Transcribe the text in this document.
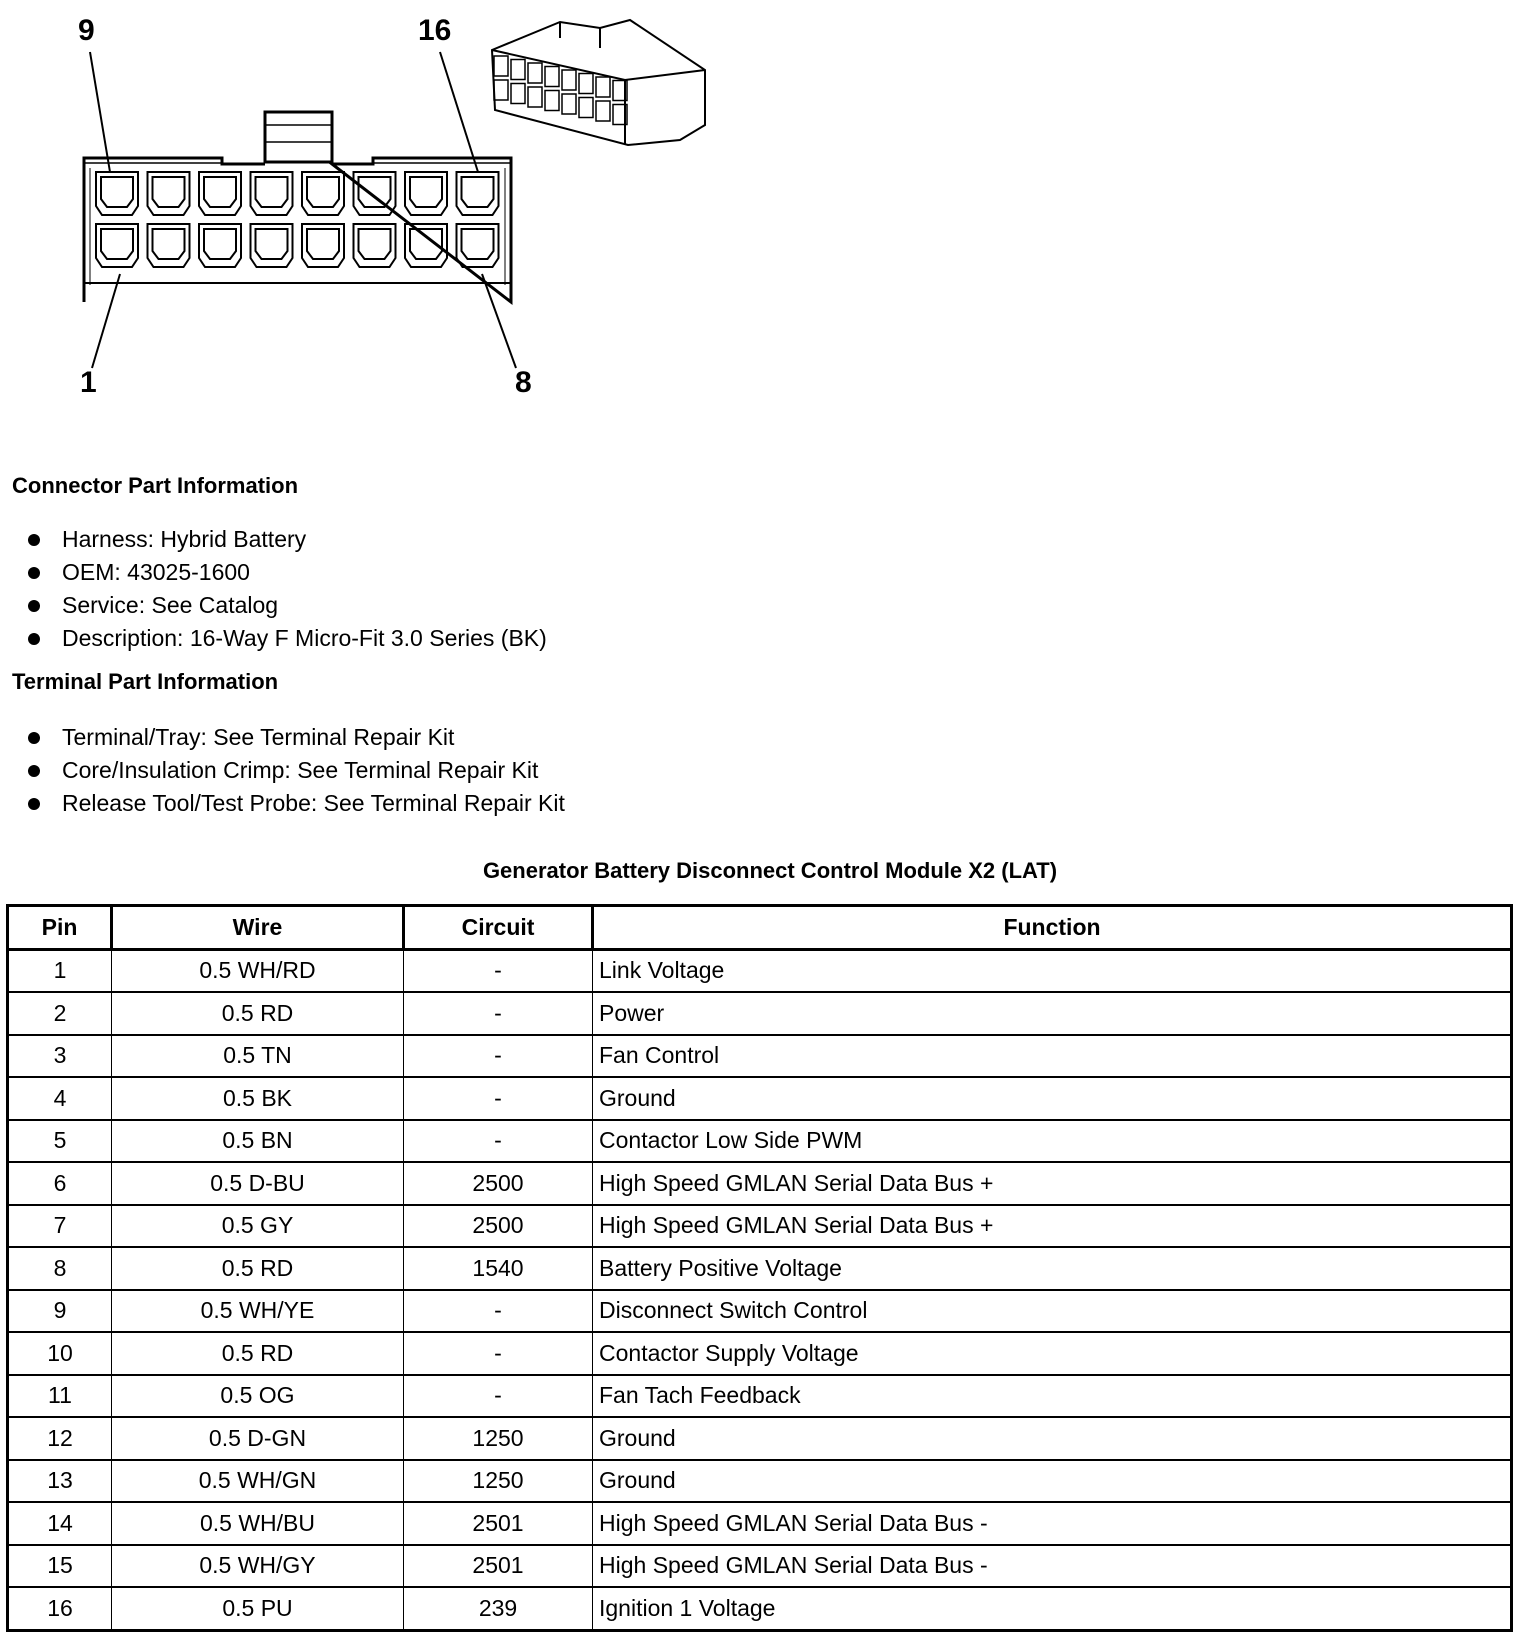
9	16
1	8
Connector Part Information
Harness: Hybrid Battery
OEM: 43025-1600
Service: See Catalog
Description: 16-Way F Micro-Fit 3.0 Series (BK)
Terminal Part Information
Terminal/Tray: See Terminal Repair Kit
Core/Insulation Crimp: See Terminal Repair Kit
Release Tool/Test Probe: See Terminal Repair Kit
Generator Battery Disconnect Control Module X2 (LAT)
Pin	Wire	Circuit	Function
1	0.5 WH/RD	-	Link Voltage
2	0.5 RD	-	Power
3	0.5 TN	-	Fan Control
4	0.5 BK	-	Ground
5	0.5 BN	-	Contactor Low Side PWM
6	0.5 D-BU	2500	High Speed GMLAN Serial Data Bus +
7	0.5 GY	2500	High Speed GMLAN Serial Data Bus +
8	0.5 RD	1540	Battery Positive Voltage
9	0.5 WH/YE	-	Disconnect Switch Control
10	0.5 RD	-	Contactor Supply Voltage
11	0.5 OG	-	Fan Tach Feedback
12	0.5 D-GN	1250	Ground
13	0.5 WH/GN	1250	Ground
14	0.5 WH/BU	2501	High Speed GMLAN Serial Data Bus -
15	0.5 WH/GY	2501	High Speed GMLAN Serial Data Bus -
16	0.5 PU	239	Ignition 1 Voltage
